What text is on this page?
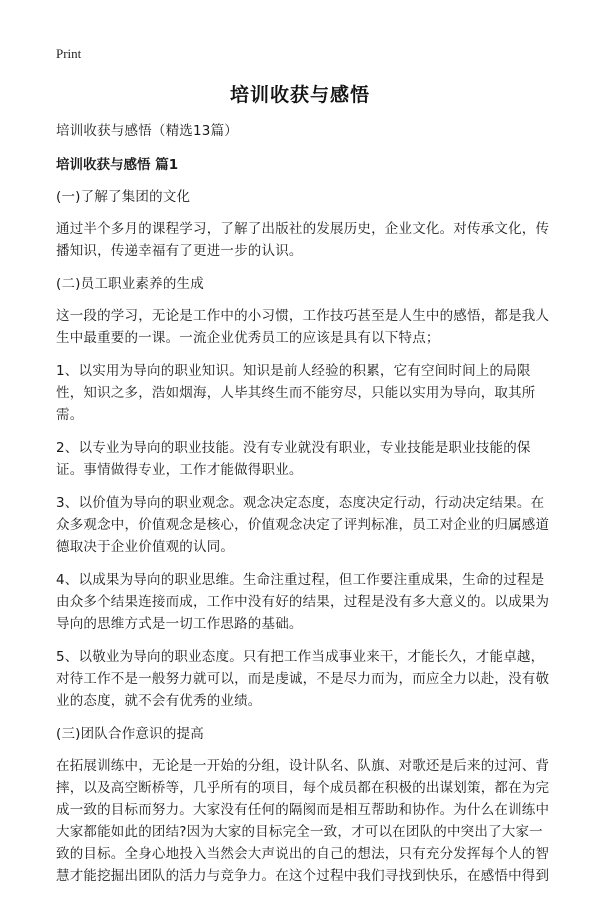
Print
培训收获与感悟

培训收获与感悟（精选13篇）

培训收获与感悟 篇1

(一)了解了集团的文化

通过半个多月的课程学习，了解了出版社的发展历史，企业文化。对传承文化，传播知识，传递幸福有了更进一步的认识。

(二)员工职业素养的生成

这一段的学习，无论是工作中的小习惯，工作技巧甚至是人生中的感悟，都是我人生中最重要的一课。一流企业优秀员工的应该是具有以下特点；

1、以实用为导向的职业知识。知识是前人经验的积累，它有空间时间上的局限性，知识之多，浩如烟海，人毕其终生而不能穷尽，只能以实用为导向，取其所需。

2、以专业为导向的职业技能。没有专业就没有职业，专业技能是职业技能的保证。事情做得专业，工作才能做得职业。

3、以价值为导向的职业观念。观念决定态度，态度决定行动，行动决定结果。在众多观念中，价值观念是核心，价值观念决定了评判标准，员工对企业的归属感道德取决于企业价值观的认同。

4、以成果为导向的职业思维。生命注重过程，但工作要注重成果，生命的过程是由众多个结果连接而成，工作中没有好的结果，过程是没有多大意义的。以成果为导向的思维方式是一切工作思路的基础。

5、以敬业为导向的职业态度。只有把工作当成事业来干，才能长久，才能卓越，对待工作不是一般努力就可以，而是虔诚，不是尽力而为，而应全力以赴，没有敬业的态度，就不会有优秀的业绩。

(三)团队合作意识的提高

在拓展训练中，无论是一开始的分组，设计队名、队旗、对歌还是后来的过河、背摔，以及高空断桥等，几乎所有的项目，每个成员都在积极的出谋划策，都在为完成一致的目标而努力。大家没有任何的隔阂而是相互帮助和协作。为什么在训练中大家都能如此的团结?因为大家的目标完全一致，才可以在团队的中突出了大家一致的目标。全身心地投入当然会大声说出的自己的想法，只有充分发挥每个人的智慧才能挖掘出团队的活力与竞争力。在这个过程中我们寻找到快乐，在感悟中得到
